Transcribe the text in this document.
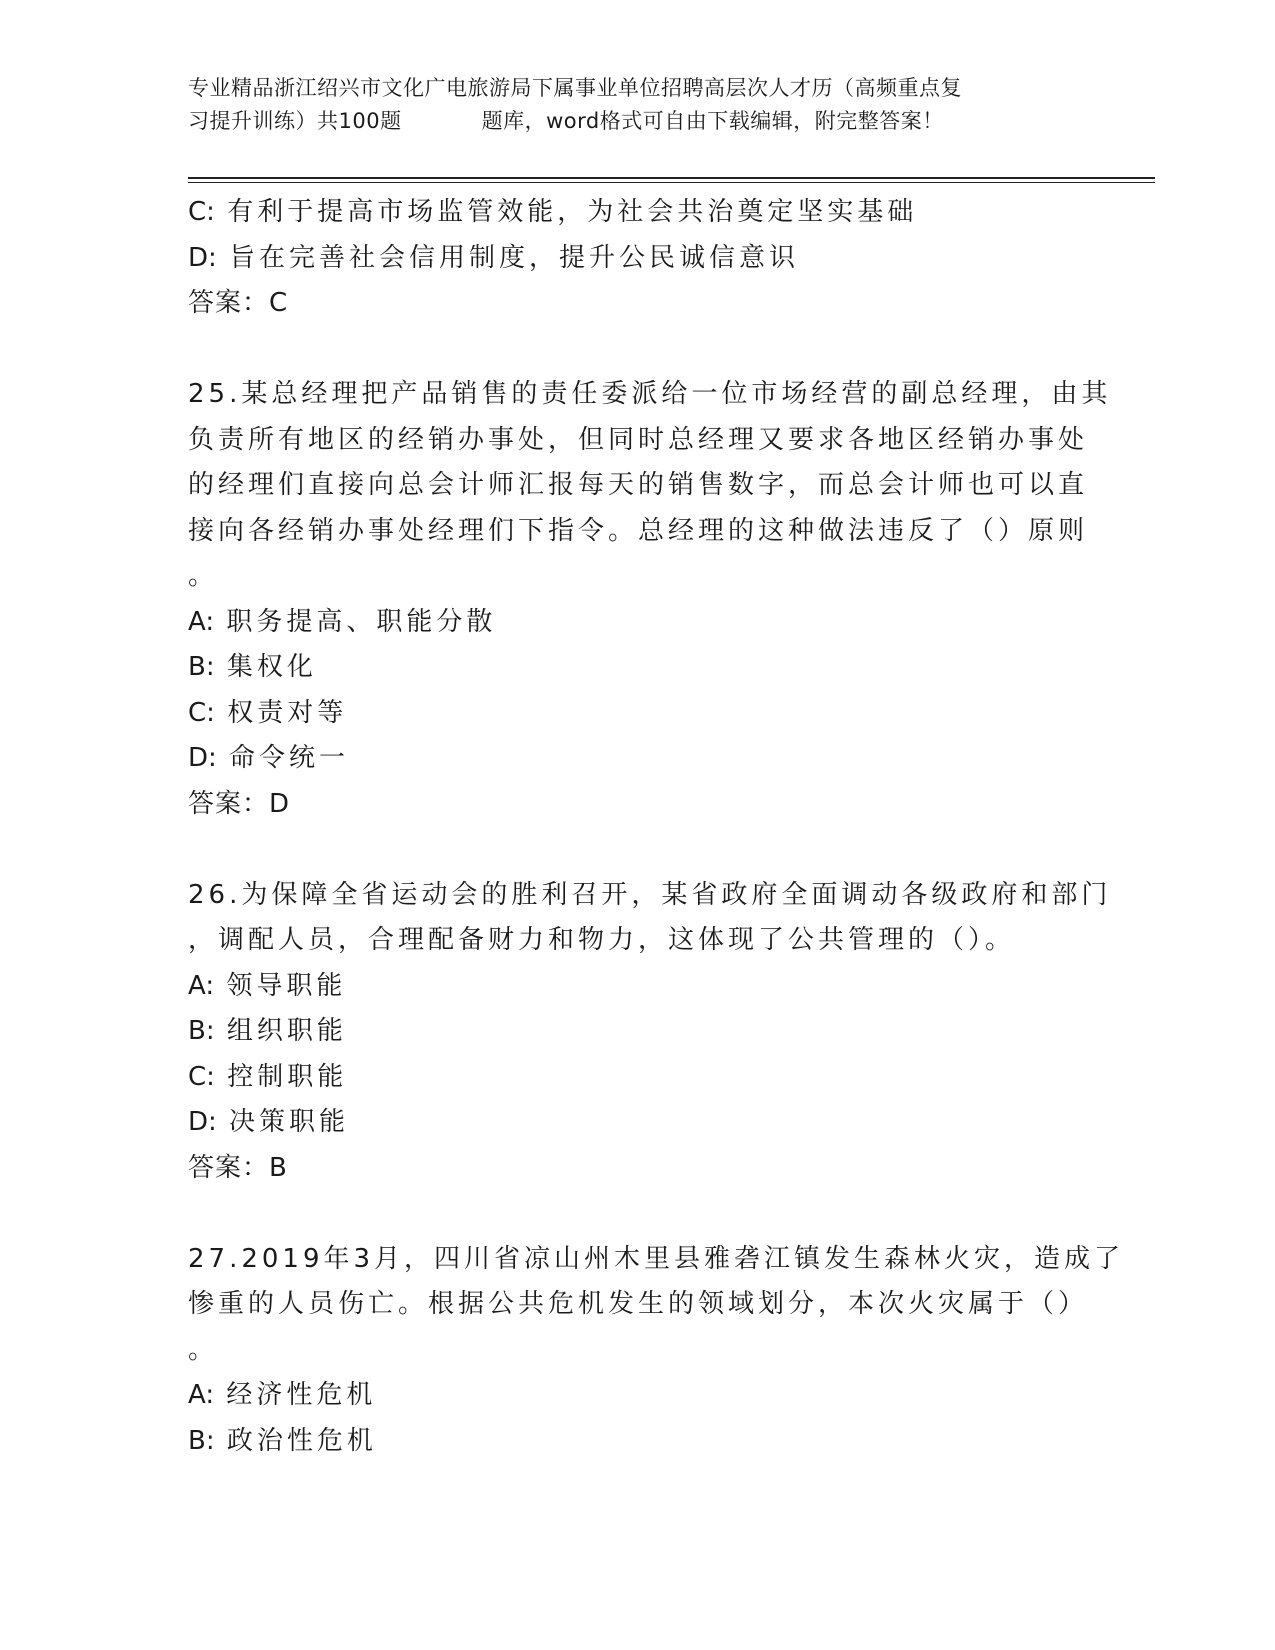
专业精品浙江绍兴市文化广电旅游局下属事业单位招聘高层次人才历（高频重点复
习提升训练）共100题	题库，word格式可自由下载编辑，附完整答案！
C: 有利于提高市场监管效能，为社会共治奠定坚实基础
D: 旨在完善社会信用制度，提升公民诚信意识
答案：C
25.某总经理把产品销售的责任委派给一位市场经营的副总经理，由其
负责所有地区的经销办事处，但同时总经理又要求各地区经销办事处
的经理们直接向总会计师汇报每天的销售数字，而总会计师也可以直
接向各经销办事处经理们下指令。总经理的这种做法违反了（）原则
。
A: 职务提高、职能分散
B: 集权化
C: 权责对等
D: 命令统一
答案：D
26.为保障全省运动会的胜利召开，某省政府全面调动各级政府和部门
，调配人员，合理配备财力和物力，这体现了公共管理的（）。
A: 领导职能
B: 组织职能
C: 控制职能
D: 决策职能
答案：B
27.2019年3月，四川省凉山州木里县雅砻江镇发生森林火灾，造成了
惨重的人员伤亡。根据公共危机发生的领域划分，本次火灾属于（）
。
A: 经济性危机
B: 政治性危机
